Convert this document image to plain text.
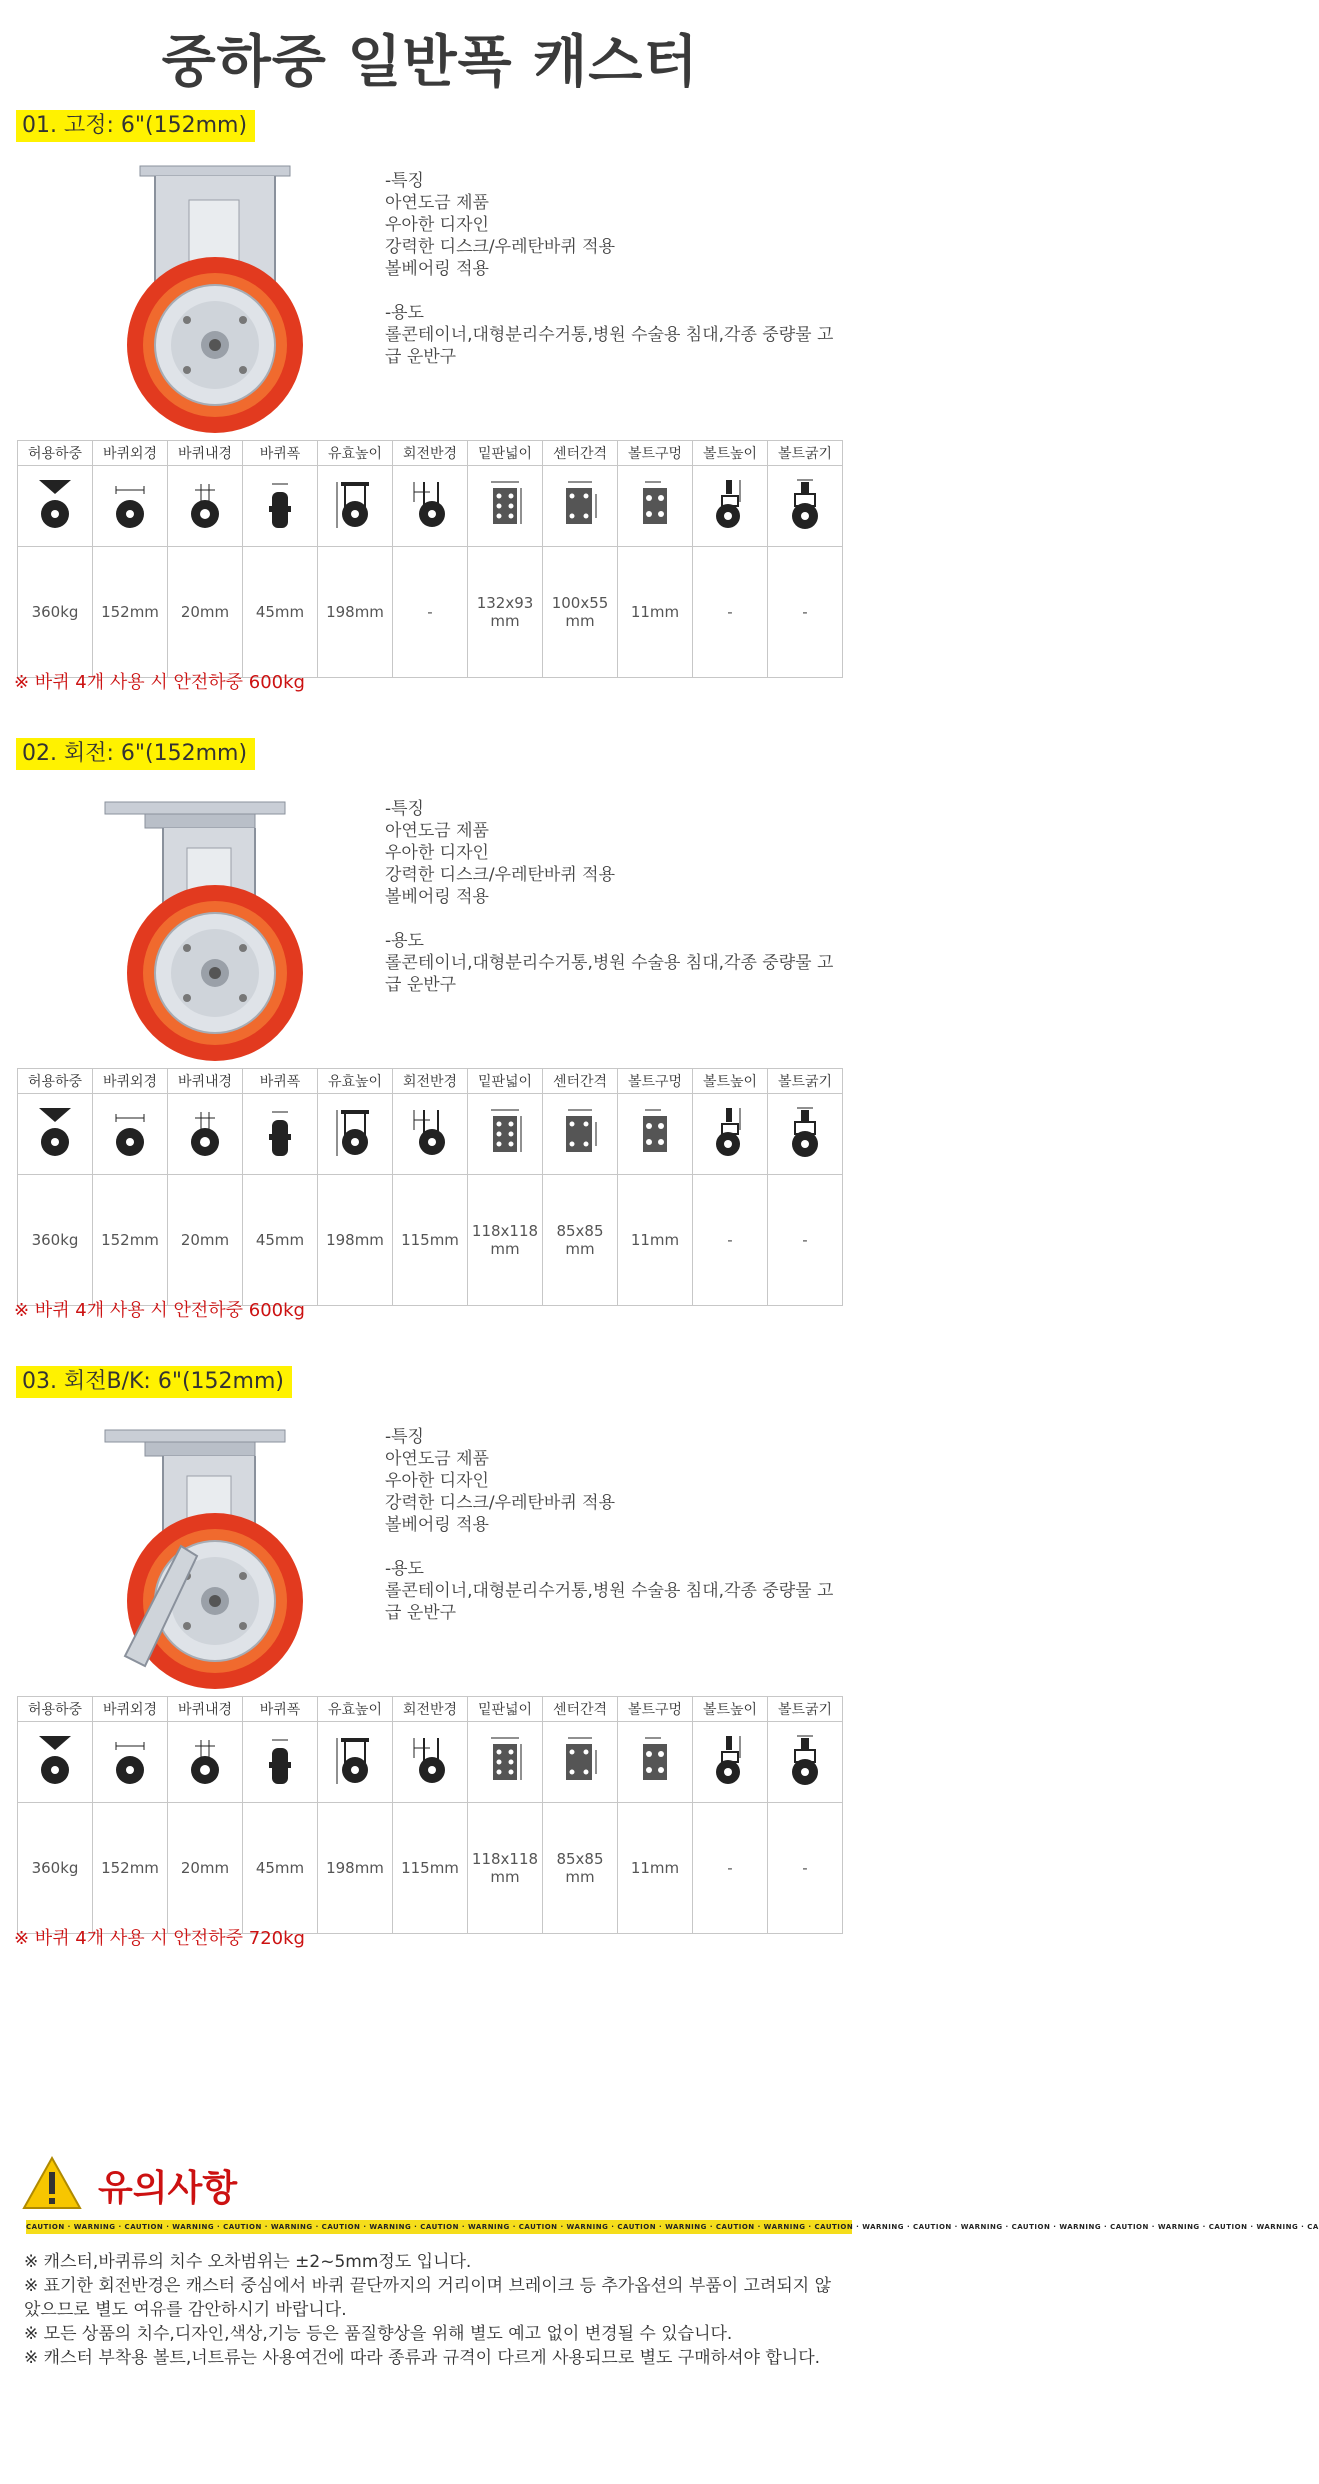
중하중 일반폭 캐스터
01. 고정: 6"(152mm)
-특징
아연도금 제품
우아한 디자인
강력한 디스크/우레탄바퀴 적용
볼베어링 적용

-용도
롤콘테이너,대형분리수거통,병원 수술용 침대,각종 중량물 고급 운반구
허용하중	바퀴외경	바퀴내경	바퀴폭	유효높이	회전반경	밑판넓이	센터간격	볼트구멍	볼트높이	볼트굵기

360kg	152mm	20mm	45mm	198mm	-	132x93 mm	100x55 mm	11mm	-	-
※ 바퀴 4개 사용 시 안전하중 600kg
02. 회전: 6"(152mm)
-특징
아연도금 제품
우아한 디자인
강력한 디스크/우레탄바퀴 적용
볼베어링 적용

-용도
롤콘테이너,대형분리수거통,병원 수술용 침대,각종 중량물 고급 운반구
허용하중	바퀴외경	바퀴내경	바퀴폭	유효높이	회전반경	밑판넓이	센터간격	볼트구멍	볼트높이	볼트굵기

360kg	152mm	20mm	45mm	198mm	115mm	118x118 mm	85x85 mm	11mm	-	-
※ 바퀴 4개 사용 시 안전하중 600kg
03. 회전B/K: 6"(152mm)
-특징
아연도금 제품
우아한 디자인
강력한 디스크/우레탄바퀴 적용
볼베어링 적용

-용도
롤콘테이너,대형분리수거통,병원 수술용 침대,각종 중량물 고급 운반구
허용하중	바퀴외경	바퀴내경	바퀴폭	유효높이	회전반경	밑판넓이	센터간격	볼트구멍	볼트높이	볼트굵기

360kg	152mm	20mm	45mm	198mm	115mm	118x118 mm	85x85 mm	11mm	-	-
※ 바퀴 4개 사용 시 안전하중 720kg
유의사항
CAUTION · WARNING · CAUTION · WARNING · CAUTION · WARNING · CAUTION · WARNING · CAUTION · WARNING · CAUTION · WARNING · CAUTION · WARNING · CAUTION · WARNING · CAUTION · WARNING · CAUTION · WARNING · CAUTION · WARNING · CAUTION · WARNING · CAUTION · WARNING · CA
※ 캐스터,바퀴류의 치수 오차범위는 ±2~5mm정도 입니다.
※ 표기한 회전반경은 캐스터 중심에서 바퀴 끝단까지의 거리이며 브레이크 등 추가옵션의 부품이 고려되지 않았으므로 별도 여유를 감안하시기 바랍니다.
※ 모든 상품의 치수,디자인,색상,기능 등은 품질향상을 위해 별도 예고 없이 변경될 수 있습니다.
※ 캐스터 부착용 볼트,너트류는 사용여건에 따라 종류과 규격이 다르게 사용되므로 별도 구매하셔야 합니다.
